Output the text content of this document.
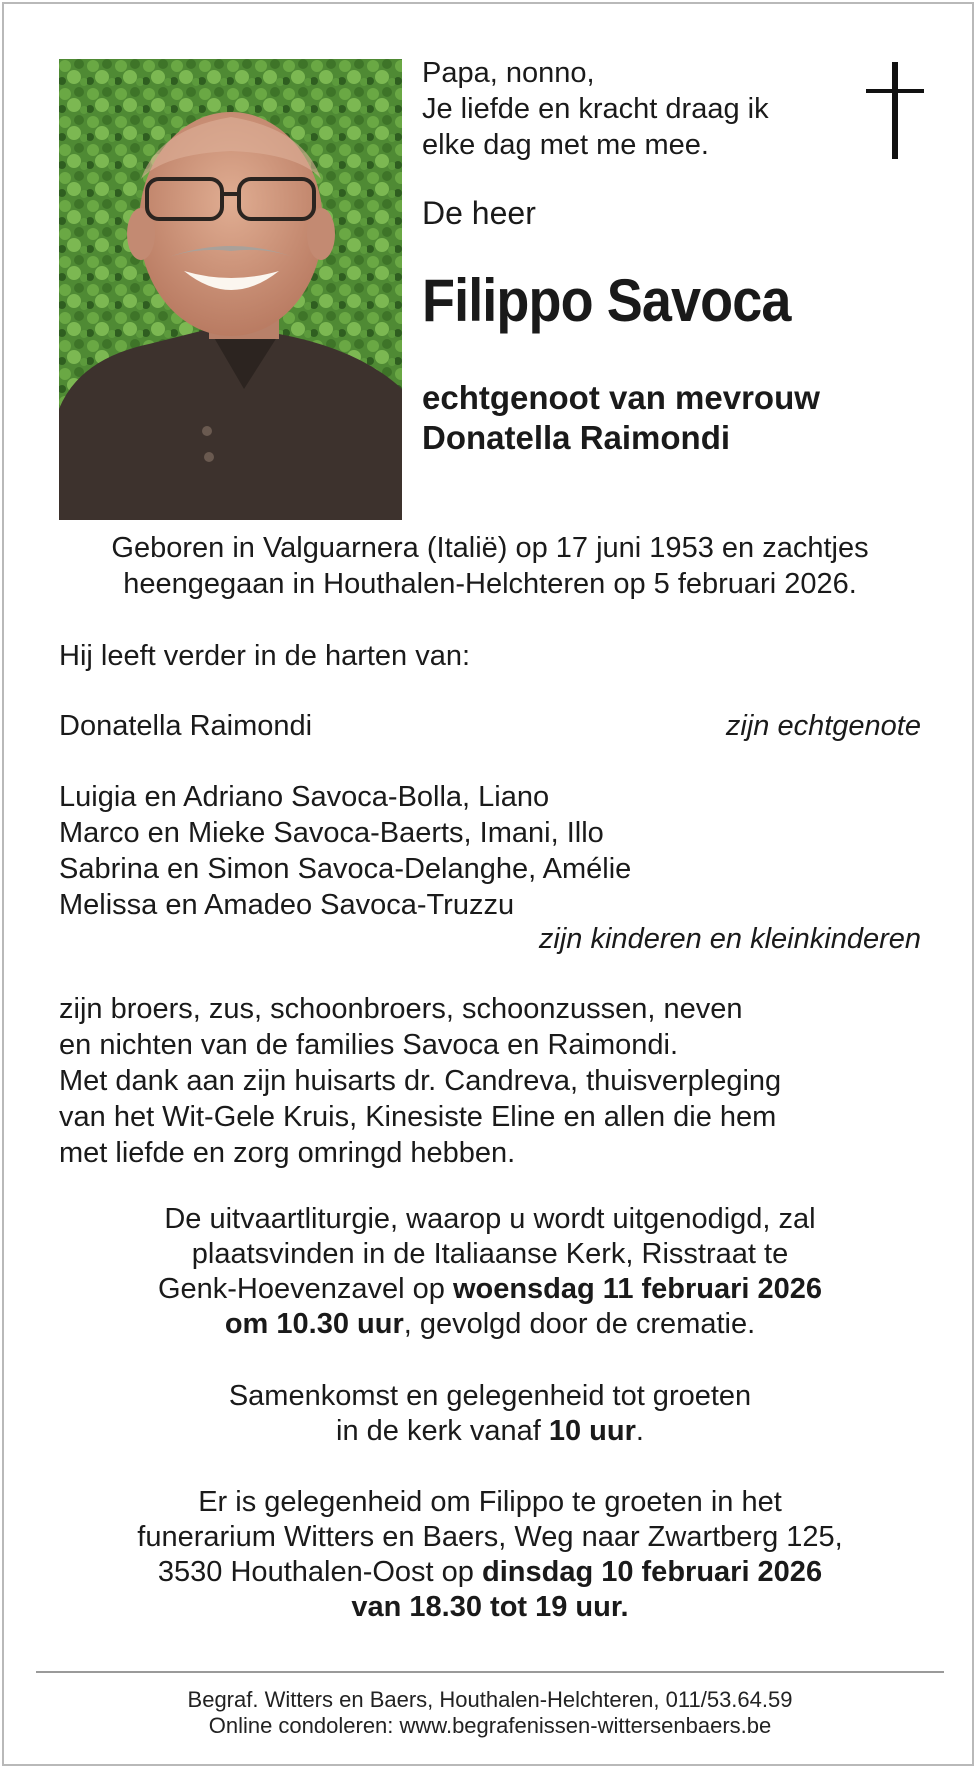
Papa, nonno,
Je liefde en kracht draag ik
elke dag met me mee.
De heer
Filippo Savoca
echtgenoot van mevrouw
Donatella Raimondi
Geboren in Valguarnera (Italië) op 17 juni 1953 en zachtjes
heengegaan in Houthalen-Helchteren op 5 februari 2026.
Hij leeft verder in de harten van:
Donatella Raimondi	zijn echtgenote
Luigia en Adriano Savoca-Bolla, Liano
Marco en Mieke Savoca-Baerts, Imani, Illo
Sabrina en Simon Savoca-Delanghe, Amélie
Melissa en Amadeo Savoca-Truzzu
zijn kinderen en kleinkinderen
zijn broers, zus, schoonbroers, schoonzussen, neven
en nichten van de families Savoca en Raimondi.
Met dank aan zijn huisarts dr. Candreva, thuisverpleging
van het Wit-Gele Kruis, Kinesiste Eline en allen die hem
met liefde en zorg omringd hebben.
De uitvaartliturgie, waarop u wordt uitgenodigd, zal
plaatsvinden in de Italiaanse Kerk, Risstraat te
Genk-Hoevenzavel op woensdag 11 februari 2026
om 10.30 uur, gevolgd door de crematie.
Samenkomst en gelegenheid tot groeten
in de kerk vanaf 10 uur.
Er is gelegenheid om Filippo te groeten in het
funerarium Witters en Baers, Weg naar Zwartberg 125,
3530 Houthalen-Oost op dinsdag 10 februari 2026
van 18.30 tot 19 uur.
Begraf. Witters en Baers, Houthalen-Helchteren, 011/53.64.59
Online condoleren: www.begrafenissen-wittersenbaers.be
